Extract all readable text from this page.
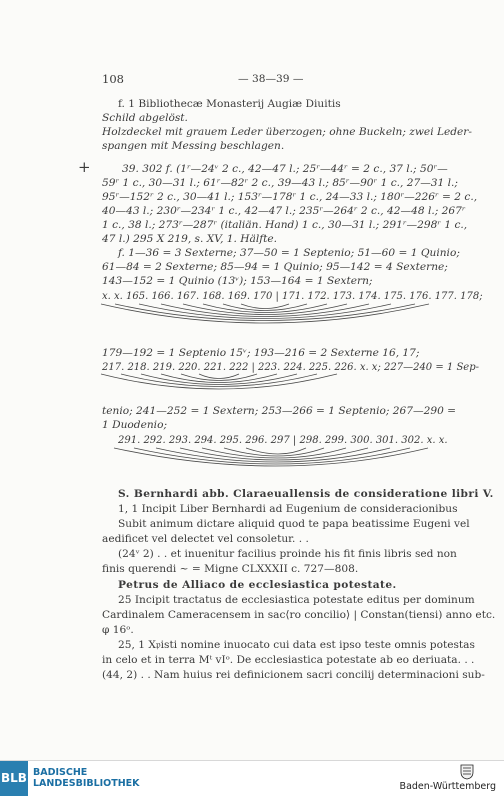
108	— 38—39 —
f. 1 Bibliothecæ Monasterij Augiæ Diuitis
Schild abgelöst.
Holzdeckel mit grauem Leder überzogen; ohne Buckeln; zwei Leder-
spangen mit Messing beschlagen.
+	39. 302 f. (1ʳ—24ᵛ 2 c., 42—47 l.; 25ʳ—44ʳ = 2 c., 37 l.; 50ʳ—
59ʳ 1 c., 30—31 l.; 61ʳ—82ʳ 2 c., 39—43 l.; 85ʳ—90ʳ 1 c., 27—31 l.;
95ʳ—152ʳ 2 c., 30—41 l.; 153ʳ—178ʳ 1 c., 24—33 l.; 180ʳ—226ʳ = 2 c.,
40—43 l.; 230ʳ—234ʳ 1 c., 42—47 l.; 235ʳ—264ʳ 2 c., 42—48 l.; 267ʳ
1 c., 38 l.; 273ʳ—287ʳ (italiän. Hand) 1 c., 30—31 l.; 291ʳ—298ʳ 1 c.,
47 l.) 295 X 219, s. XV, 1. Hälfte.
f. 1—36 = 3 Sexterne; 37—50 = 1 Septenio; 51—60 = 1 Quinio;
61—84 = 2 Sexterne; 85—94 = 1 Quinio; 95—142 = 4 Sexterne;
143—152 = 1 Quinio (13ᵛ); 153—164 = 1 Sextern;
x. x. 165. 166. 167. 168. 169. 170 | 171. 172. 173. 174. 175. 176. 177. 178;
179—192 = 1 Septenio 15ᵛ; 193—216 = 2 Sexterne 16, 17;
217. 218. 219. 220. 221. 222 | 223. 224. 225. 226. x. x; 227—240 = 1 Sep-
tenio; 241—252 = 1 Sextern; 253—266 = 1 Septenio; 267—290 =
1 Duodenio;
291. 292. 293. 294. 295. 296. 297 | 298. 299. 300. 301. 302. x. x.
S. Bernhardi abb. Claraeuallensis de consideratione libri V.
1, 1 Incipit Liber Bernhardi ad Eugenium de consideracionibus
Subit animum dictare aliquid quod te papa beatissime Eugeni vel
aedificet vel delectet vel consoletur. . .
(24ᵛ 2) . . et inuenitur facilius proinde his fit finis libris sed non
finis querendi ~ = Migne CLXXXII c. 727—808.
Petrus de Alliaco de ecclesiastica potestate.
25 Incipit tractatus de ecclesiastica potestate editus per dominum
Cardinalem Cameracensem in sac⟨ro concilio⟩ | Constan(tiensi) anno etc.
φ 16ᵒ.
25, 1 X𝔭isti nomine inuocato cui data est ipso teste omnis potestas
in celo et in terra Mᵗ vIᵒ. De ecclesiastica potestate ab eo deriuata. . .
(44, 2) . . Nam huius rei definicionem sacri concilij determinacioni sub-
BLB BADISCHE
LANDESBIBLIOTHEK	Baden-Württemberg
